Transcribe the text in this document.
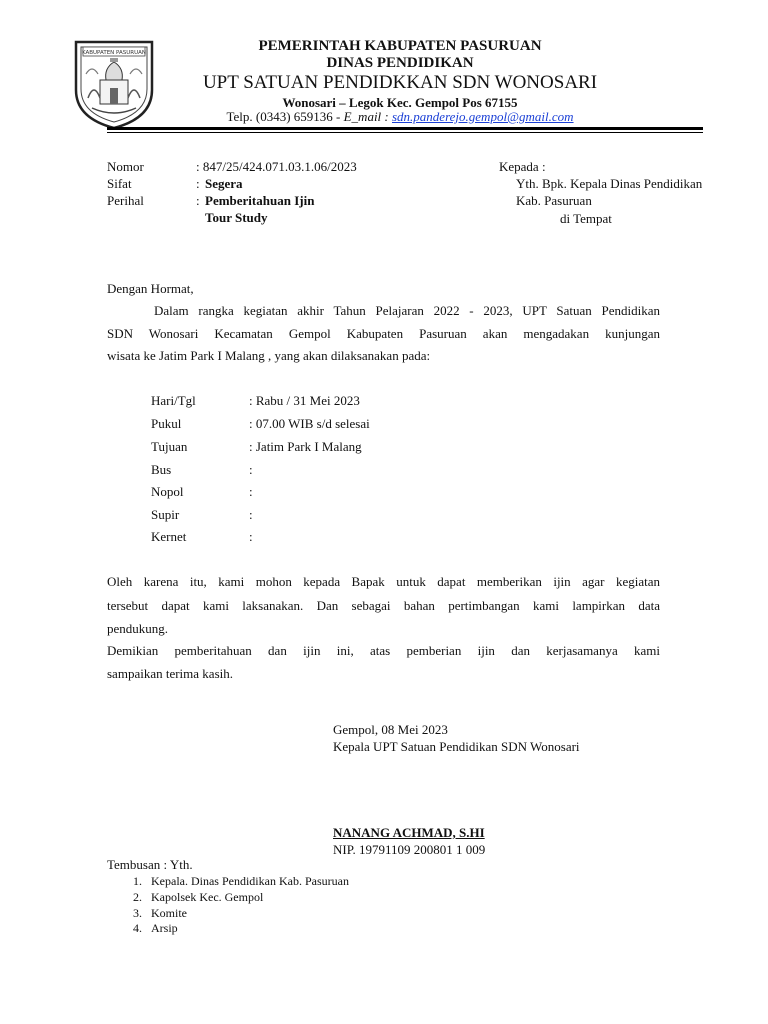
KABUPATEN PASURUAN	PEMERINTAH KABUPATEN PASURUAN
DINAS PENDIDIKAN
UPT SATUAN PENDIDKKAN SDN WONOSARI
Wonosari – Legok Kec. Gempol Pos 67155
Telp. (0343) 659136 - E_mail : sdn.panderejo.gempol@gmail.com
Nomor	: 847/25/424.071.03.1.06/2023
Sifat	: Segera
Perihal	: Pemberitahuan Ijin
Tour Study
Kepada :
Yth. Bpk. Kepala Dinas Pendidikan
Kab. Pasuruan
di Tempat
Dengan Hormat,
Dalam rangka kegiatan akhir Tahun Pelajaran 2022 - 2023, UPT Satuan Pendidikan
SDN Wonosari Kecamatan Gempol Kabupaten Pasuruan akan mengadakan kunjungan
wisata ke Jatim Park I Malang , yang akan dilaksanakan pada:
Hari/Tgl	: Rabu / 31 Mei 2023
Pukul	: 07.00 WIB s/d selesai
Tujuan	: Jatim Park I Malang
Bus	:
Nopol	:
Supir	:
Kernet	:
Oleh karena itu, kami mohon kepada Bapak untuk dapat memberikan ijin agar kegiatan
tersebut dapat kami laksanakan. Dan sebagai bahan pertimbangan kami lampirkan data
pendukung.
Demikian pemberitahuan dan ijin ini, atas pemberian ijin dan kerjasamanya kami
sampaikan terima kasih.
Gempol, 08 Mei 2023
Kepala UPT Satuan Pendidikan SDN Wonosari
NANANG ACHMAD, S.HI
NIP. 19791109 200801 1 009
Tembusan : Yth.
1. Kepala. Dinas Pendidikan Kab. Pasuruan
2. Kapolsek Kec. Gempol
3. Komite
4. Arsip
